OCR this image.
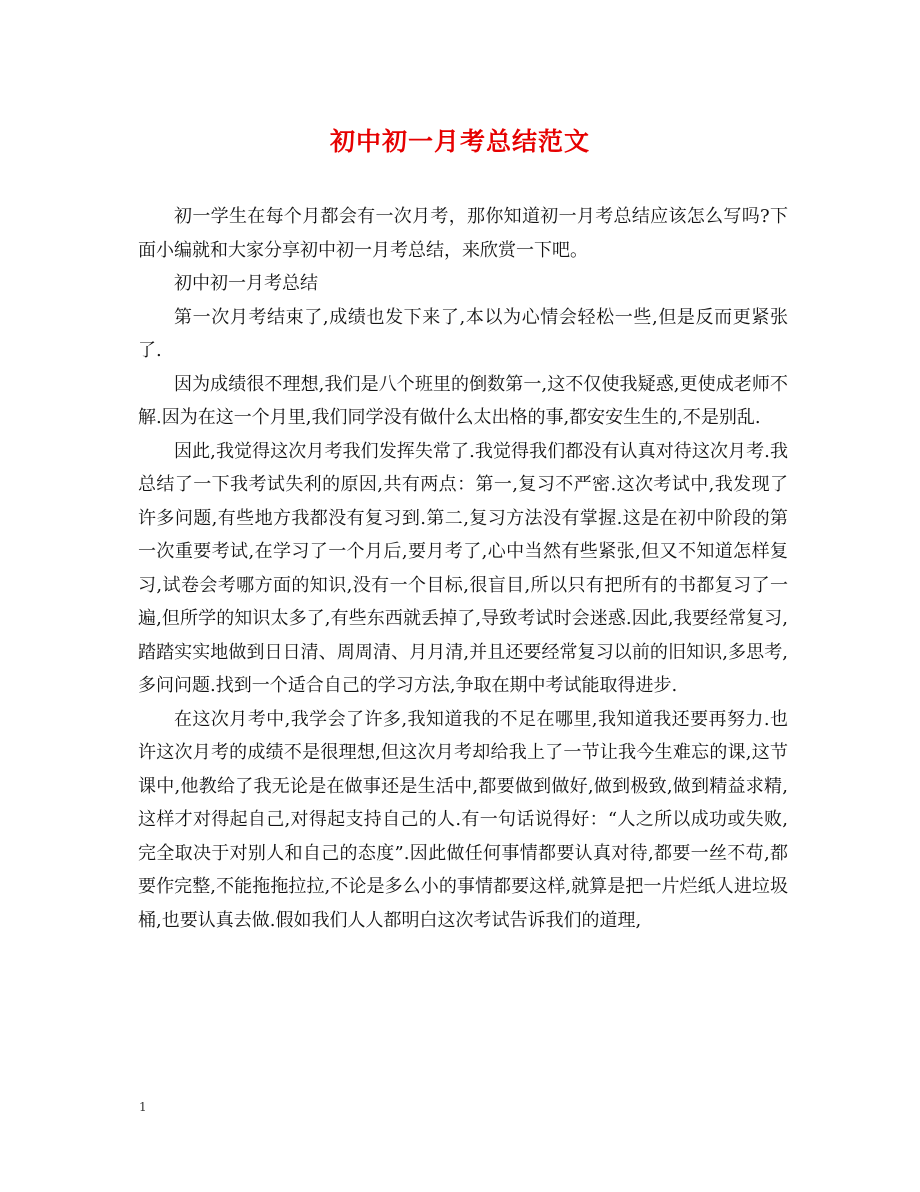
初中初一月考总结范文

初一学生在每个月都会有一次月考，那你知道初一月考总结应该怎么写吗?下面小编就和大家分享初中初一月考总结，来欣赏一下吧。

初中初一月考总结

第一次月考结束了,成绩也发下来了,本以为心情会轻松一些,但是反而更紧张了.

因为成绩很不理想,我们是八个班里的倒数第一,这不仅使我疑惑,更使成老师不解.因为在这一个月里,我们同学没有做什么太出格的事,都安安生生的,不是别乱.

因此,我觉得这次月考我们发挥失常了.我觉得我们都没有认真对待这次月考.我总结了一下我考试失利的原因,共有两点：第一,复习不严密.这次考试中,我发现了许多问题,有些地方我都没有复习到.第二,复习方法没有掌握.这是在初中阶段的第一次重要考试,在学习了一个月后,要月考了,心中当然有些紧张,但又不知道怎样复习,试卷会考哪方面的知识,没有一个目标,很盲目,所以只有把所有的书都复习了一遍,但所学的知识太多了,有些东西就丢掉了,导致考试时会迷惑.因此,我要经常复习,踏踏实实地做到日日清、周周清、月月清,并且还要经常复习以前的旧知识,多思考,多问问题.找到一个适合自己的学习方法,争取在期中考试能取得进步.

在这次月考中,我学会了许多,我知道我的不足在哪里,我知道我还要再努力.也许这次月考的成绩不是很理想,但这次月考却给我上了一节让我今生难忘的课,这节课中,他教给了我无论是在做事还是生活中,都要做到做好,做到极致,做到精益求精,这样才对得起自己,对得起支持自己的人.有一句话说得好：“人之所以成功或失败,完全取决于对别人和自己的态度”.因此做任何事情都要认真对待,都要一丝不苟,都要作完整,不能拖拖拉拉,不论是多么小的事情都要这样,就算是把一片烂纸人进垃圾桶,也要认真去做.假如我们人人都明白这次考试告诉我们的道理,

1
